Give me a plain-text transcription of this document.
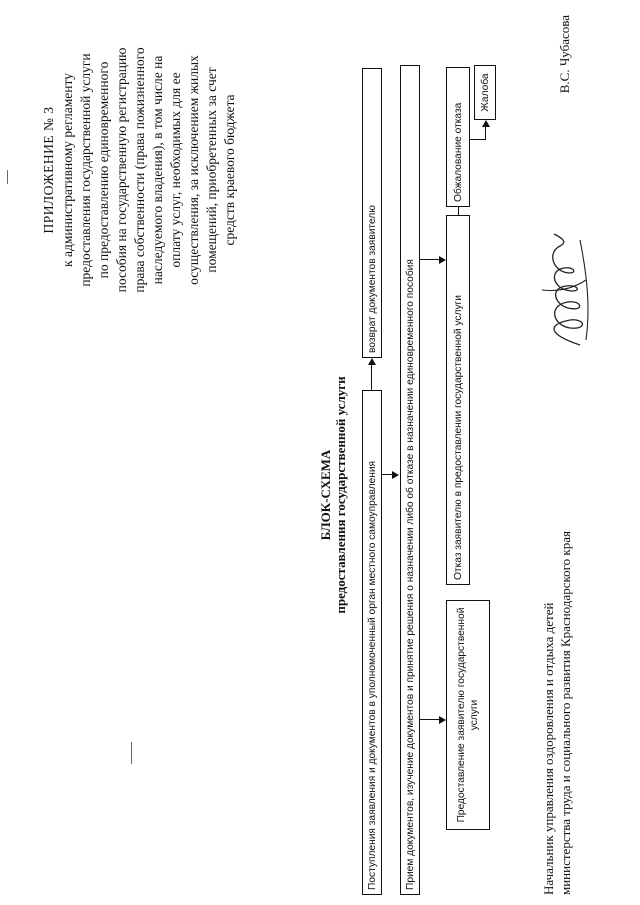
ПРИЛОЖЕНИЕ № 3 к административному регламенту предоставления государственной услуги по предоставлению единовременного пособия на государственную регистрацию права собственности (права пожизненного наследуемого владения), в том числе на оплату услуг, необходимых для ее осуществления, за исключением жилых помещений, приобретенных за счет средств краевого бюджета
БЛОК-СХЕМА предоставления государственной услуги Поступления заявления и документов в уполномоченный орган местного самоуправления
возврат документов заявителю	Прием документов, изучение документов и принятие решения о назначении либо об отказе в назначении единовременного пособия	Предоставление заявителю государственной услуги
Отказ заявителю в предоставлении государственной услуги
Обжалование отказа
Жалоба
Начальник управления оздоровления и отдыха детей министерства труда и социального развития Краснодарского края
В.С. Чубасова
